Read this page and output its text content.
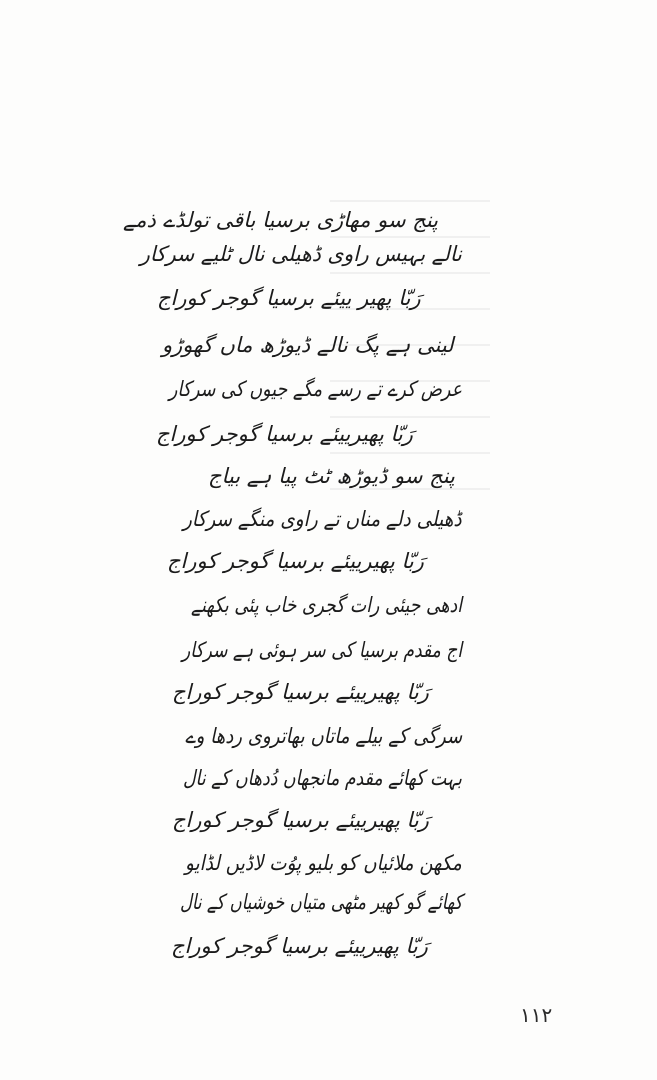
پنج سو مھاڑی برسیا باقی تولڈے ذمے
نالے بہیس راوی ڈھیلی نال ٹلیے سرکار
رَبّا پھیر ییئے برسیا گوجر کوراج
لینی ہے پگ نالے ڈیوڑھ ماں گھوڑو
عرض کرے تے رسے مگے جیوں کی سرکار
رَبّا پھیرییئے برسیا گوجر کوراج
پنج سو ڈیوڑھ ٹٹ پیا ہے بیاج
ڈھیلی دلے مناں تے راوی منگے سرکار
رَبّا پھیرییئے برسیا گوجر کوراج
ادھی جیئی رات گجری خاب پئی بکھنے
اج مقدم برسیا کی سر ہوئی ہے سرکار
رَبّا پھیرییئے برسیا گوجر کوراج
سرگی کے بیلے ماتاں بھاتروی ردھا وے
بہت کھائے مقدم مانجھاں دُدھاں کے نال
رَبّا پھیرییئے برسیا گوجر کوراج
مکھن ملائیاں کو بلیو پوُت لاڈیں لڈایو
کھائے گو کھیر مٹھی متیاں خوشیاں کے نال
رَبّا پھیرییئے برسیا گوجر کوراج
۱۱۲
